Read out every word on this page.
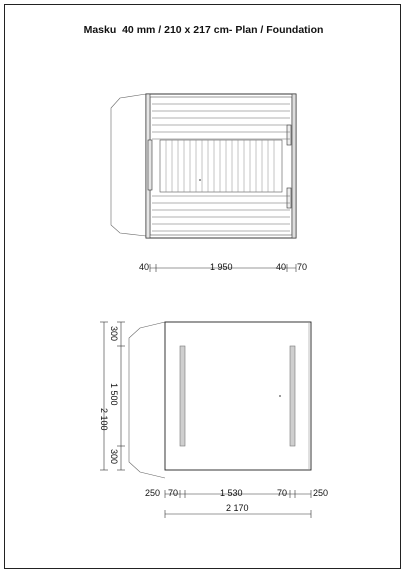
Masku  40 mm / 210 x 217 cm- Plan / Foundation
40	1 950	40 70
2 100
300
1 500
300
250 70	1 530	70	250
2 170
